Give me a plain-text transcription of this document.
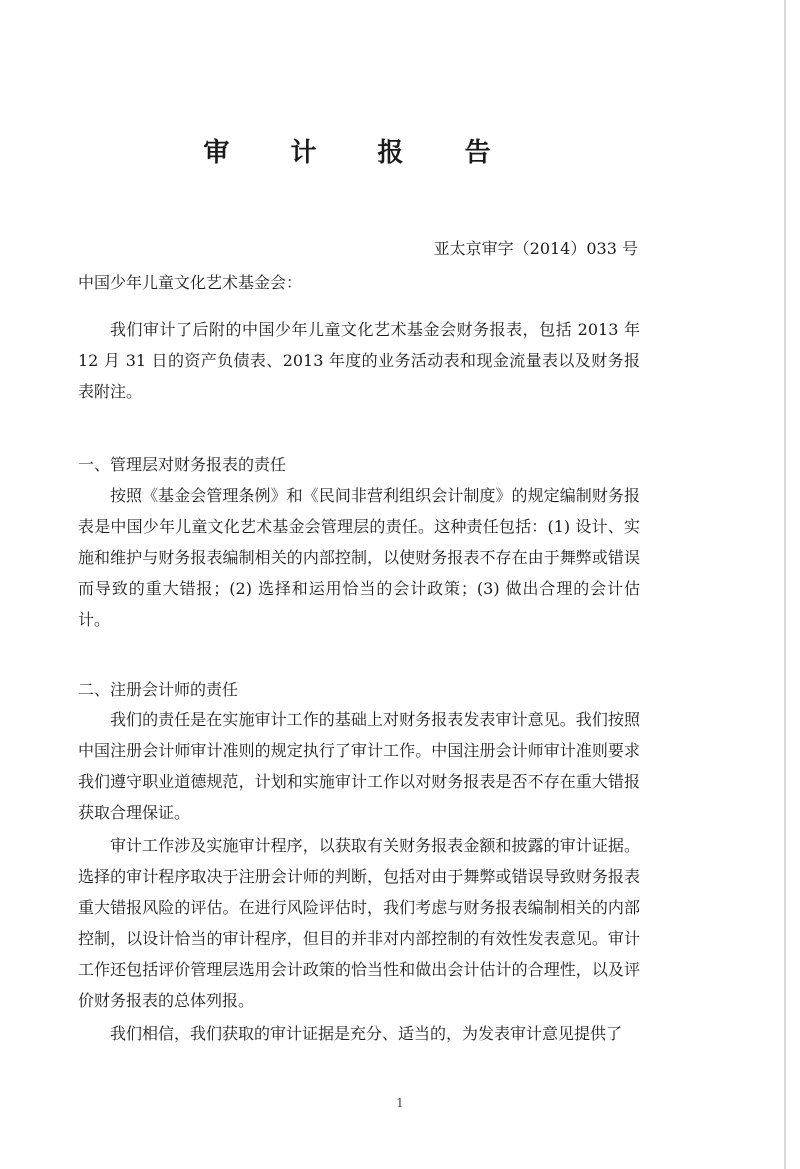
审 计 报 告
亚太京审字（2014）033 号
中国少年儿童文化艺术基金会：

我们审计了后附的中国少年儿童文化艺术基金会财务报表，包括 2013 年 12 月 31 日的资产负债表、2013 年度的业务活动表和现金流量表以及财务报表附注。

一、管理层对财务报表的责任

按照《基金会管理条例》和《民间非营利组织会计制度》的规定编制财务报表是中国少年儿童文化艺术基金会管理层的责任。这种责任包括：(1) 设计、实施和维护与财务报表编制相关的内部控制，以使财务报表不存在由于舞弊或错误而导致的重大错报；(2) 选择和运用恰当的会计政策；(3) 做出合理的会计估计。

二、注册会计师的责任

我们的责任是在实施审计工作的基础上对财务报表发表审计意见。我们按照中国注册会计师审计准则的规定执行了审计工作。中国注册会计师审计准则要求我们遵守职业道德规范，计划和实施审计工作以对财务报表是否不存在重大错报获取合理保证。

审计工作涉及实施审计程序，以获取有关财务报表金额和披露的审计证据。选择的审计程序取决于注册会计师的判断，包括对由于舞弊或错误导致财务报表重大错报风险的评估。在进行风险评估时，我们考虑与财务报表编制相关的内部控制，以设计恰当的审计程序，但目的并非对内部控制的有效性发表意见。审计工作还包括评价管理层选用会计政策的恰当性和做出会计估计的合理性，以及评价财务报表的总体列报。

我们相信，我们获取的审计证据是充分、适当的，为发表审计意见提供了

1
